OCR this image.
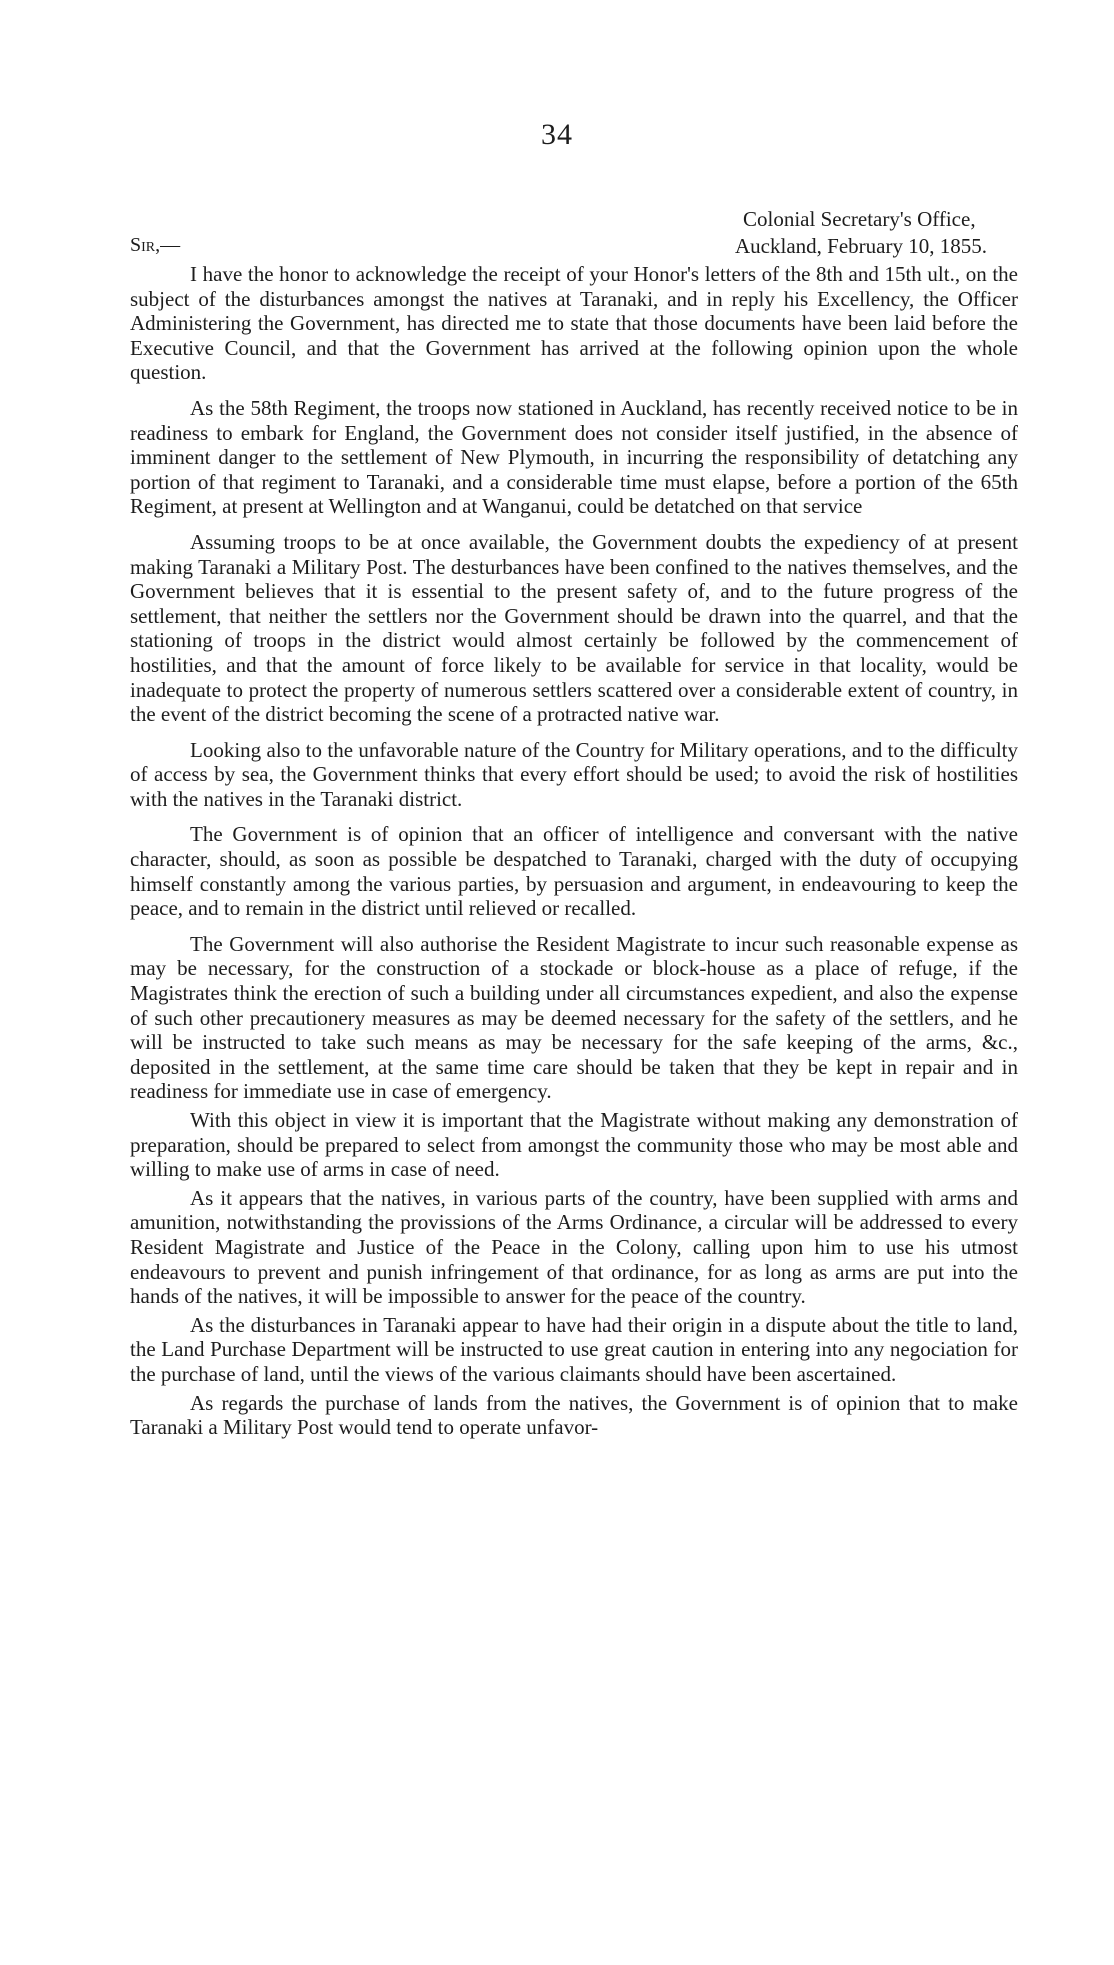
34
Colonial Secretary's Office,
Auckland, February 10, 1855.
Sir,—

I have the honor to acknowledge the receipt of your Honor's letters of the 8th and 15th ult., on the subject of the disturbances amongst the natives at Taranaki, and in reply his Excellency, the Officer Administering the Government, has directed me to state that those documents have been laid before the Executive Council, and that the Government has arrived at the following opinion upon the whole question.

As the 58th Regiment, the troops now stationed in Auckland, has recently received notice to be in readiness to embark for England, the Government does not consider itself justified, in the absence of imminent danger to the settlement of New Plymouth, in incurring the responsibility of detatching any portion of that regiment to Taranaki, and a considerable time must elapse, before a portion of the 65th Regiment, at present at Wellington and at Wanganui, could be detatched on that service

Assuming troops to be at once available, the Government doubts the expediency of at present making Taranaki a Military Post. The desturbances have been confined to the natives themselves, and the Government believes that it is essential to the present safety of, and to the future progress of the settlement, that neither the settlers nor the Government should be drawn into the quarrel, and that the stationing of troops in the district would almost certainly be followed by the commencement of hostilities, and that the amount of force likely to be available for service in that locality, would be inadequate to protect the property of numerous settlers scattered over a considerable extent of country, in the event of the district becoming the scene of a protracted native war.

Looking also to the unfavorable nature of the Country for Military operations, and to the difficulty of access by sea, the Government thinks that every effort should be used; to avoid the risk of hostilities with the natives in the Taranaki district.

The Government is of opinion that an officer of intelligence and conversant with the native character, should, as soon as possible be despatched to Taranaki, charged with the duty of occupying himself constantly among the various parties, by persuasion and argument, in endeavouring to keep the peace, and to remain in the district until relieved or recalled.

The Government will also authorise the Resident Magistrate to incur such reasonable expense as may be necessary, for the construction of a stockade or block-house as a place of refuge, if the Magistrates think the erection of such a building under all circumstances expedient, and also the expense of such other precautionery measures as may be deemed necessary for the safety of the settlers, and he will be instructed to take such means as may be necessary for the safe keeping of the arms, &c., deposited in the settlement, at the same time care should be taken that they be kept in repair and in readiness for immediate use in case of emergency.

With this object in view it is important that the Magistrate without making any demonstration of preparation, should be prepared to select from amongst the community those who may be most able and willing to make use of arms in case of need.

As it appears that the natives, in various parts of the country, have been supplied with arms and amunition, notwithstanding the provissions of the Arms Ordinance, a circular will be addressed to every Resident Magistrate and Justice of the Peace in the Colony, calling upon him to use his utmost endeavours to prevent and punish infringement of that ordinance, for as long as arms are put into the hands of the natives, it will be impossible to answer for the peace of the country.

As the disturbances in Taranaki appear to have had their origin in a dispute about the title to land, the Land Purchase Department will be instructed to use great caution in entering into any negociation for the purchase of land, until the views of the various claimants should have been ascertained.

As regards the purchase of lands from the natives, the Government is of opinion that to make Taranaki a Military Post would tend to operate unfavor-
